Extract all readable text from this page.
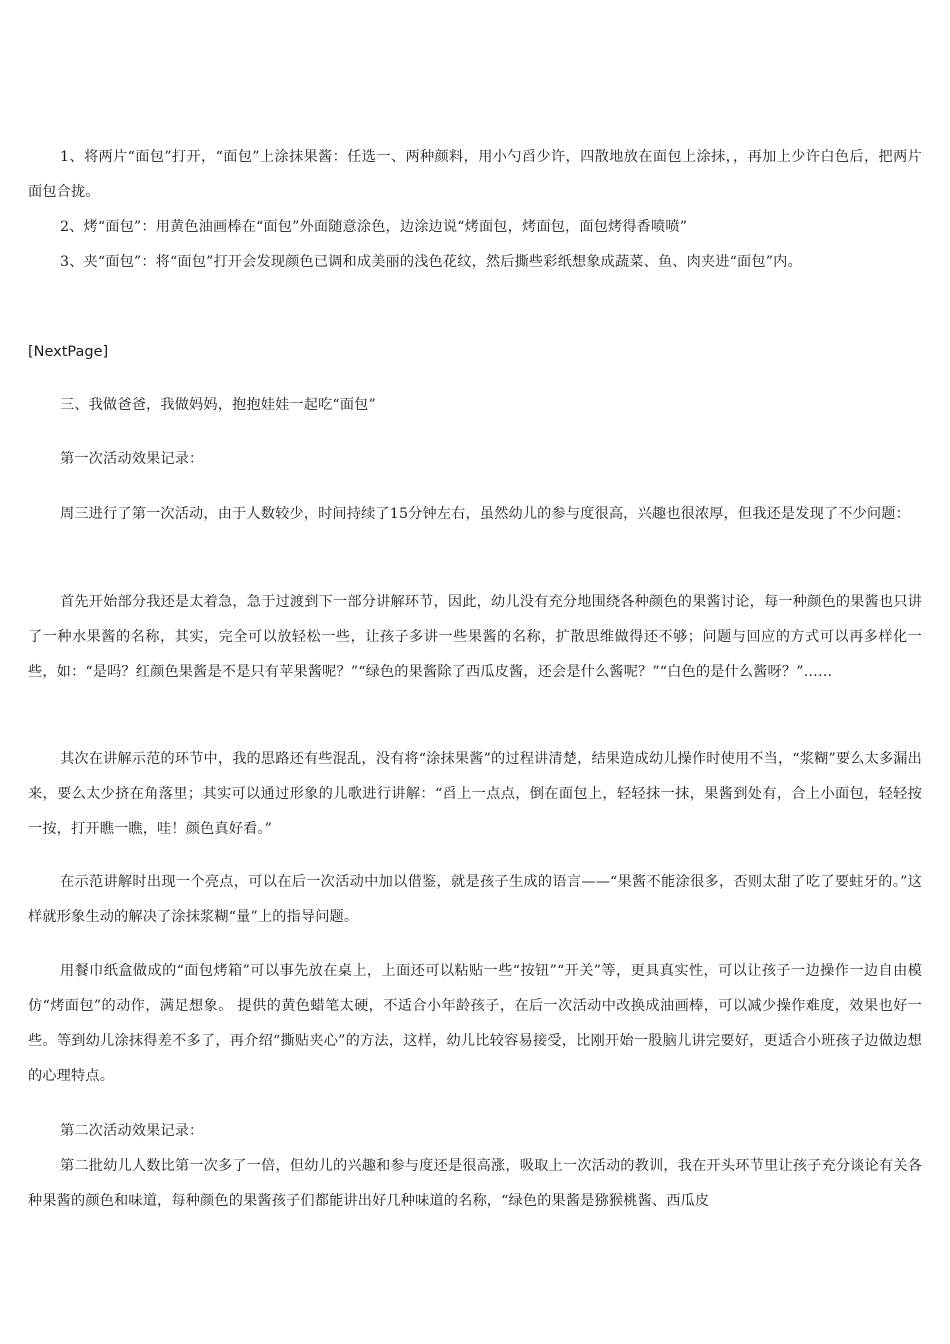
1、将两片“面包”打开，“面包”上涂抹果酱：任选一、两种颜料，用小勺舀少许，四散地放在面包上涂抹，，再加上少许白色后，把两片面包合拢。

2、烤“面包”：用黄色油画棒在“面包”外面随意涂色，边涂边说“烤面包，烤面包，面包烤得香喷喷”

3、夹“面包”：将“面包”打开会发现颜色已调和成美丽的浅色花纹，然后撕些彩纸想象成蔬菜、鱼、肉夹进“面包”内。

[NextPage]

三、我做爸爸，我做妈妈，抱抱娃娃一起吃“面包”

第一次活动效果记录：

周三进行了第一次活动，由于人数较少，时间持续了15分钟左右，虽然幼儿的参与度很高，兴趣也很浓厚，但我还是发现了不少问题：

首先开始部分我还是太着急，急于过渡到下一部分讲解环节，因此，幼儿没有充分地围绕各种颜色的果酱讨论，每一种颜色的果酱也只讲了一种水果酱的名称，其实，完全可以放轻松一些，让孩子多讲一些果酱的名称，扩散思维做得还不够；问题与回应的方式可以再多样化一些，如：“是吗？红颜色果酱是不是只有苹果酱呢？”“绿色的果酱除了西瓜皮酱，还会是什么酱呢？”“白色的是什么酱呀？”……

其次在讲解示范的环节中，我的思路还有些混乱，没有将“涂抹果酱”的过程讲清楚，结果造成幼儿操作时使用不当，“浆糊”要么太多漏出来，要么太少挤在角落里；其实可以通过形象的儿歌进行讲解：“舀上一点点，倒在面包上，轻轻抹一抹，果酱到处有，合上小面包，轻轻按一按，打开瞧一瞧，哇！颜色真好看。”

在示范讲解时出现一个亮点，可以在后一次活动中加以借鉴，就是孩子生成的语言——“果酱不能涂很多，否则太甜了吃了要蛀牙的。”这样就形象生动的解决了涂抹浆糊“量”上的指导问题。

用餐巾纸盒做成的“面包烤箱”可以事先放在桌上，上面还可以粘贴一些“按钮”“开关”等，更具真实性，可以让孩子一边操作一边自由模仿“烤面包”的动作，满足想象。 提供的黄色蜡笔太硬，不适合小年龄孩子，在后一次活动中改换成油画棒，可以减少操作难度，效果也好一些。等到幼儿涂抹得差不多了，再介绍“撕贴夹心”的方法，这样，幼儿比较容易接受，比刚开始一股脑儿讲完要好，更适合小班孩子边做边想的心理特点。

第二次活动效果记录：

第二批幼儿人数比第一次多了一倍，但幼儿的兴趣和参与度还是很高涨，吸取上一次活动的教训，我在开头环节里让孩子充分谈论有关各种果酱的颜色和味道，每种颜色的果酱孩子们都能讲出好几种味道的名称，“绿色的果酱是猕猴桃酱、西瓜皮
